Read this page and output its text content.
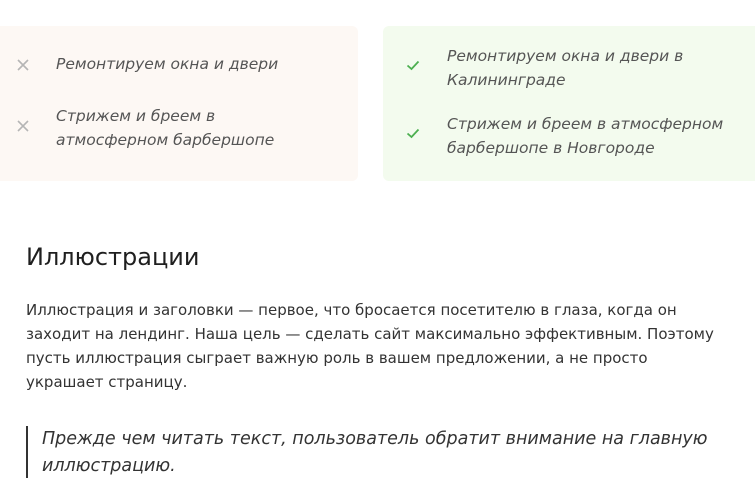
Ремонтируем окна и двери
Стрижем и бреем в атмосферном барбершопе
Ремонтируем окна и двери в Калининграде
Стрижем и бреем в атмосферном барбершопе в Новгороде
Иллюстрации

Иллюстрация и заголовки — первое, что бросается посетителю в глаза, когда он заходит на лендинг. Наша цель — сделать сайт максимально эффективным. Поэтому пусть иллюстрация сыграет важную роль в вашем предложении, а не просто украшает страницу.

Прежде чем читать текст, пользователь обратит внимание на главную иллюстрацию.
